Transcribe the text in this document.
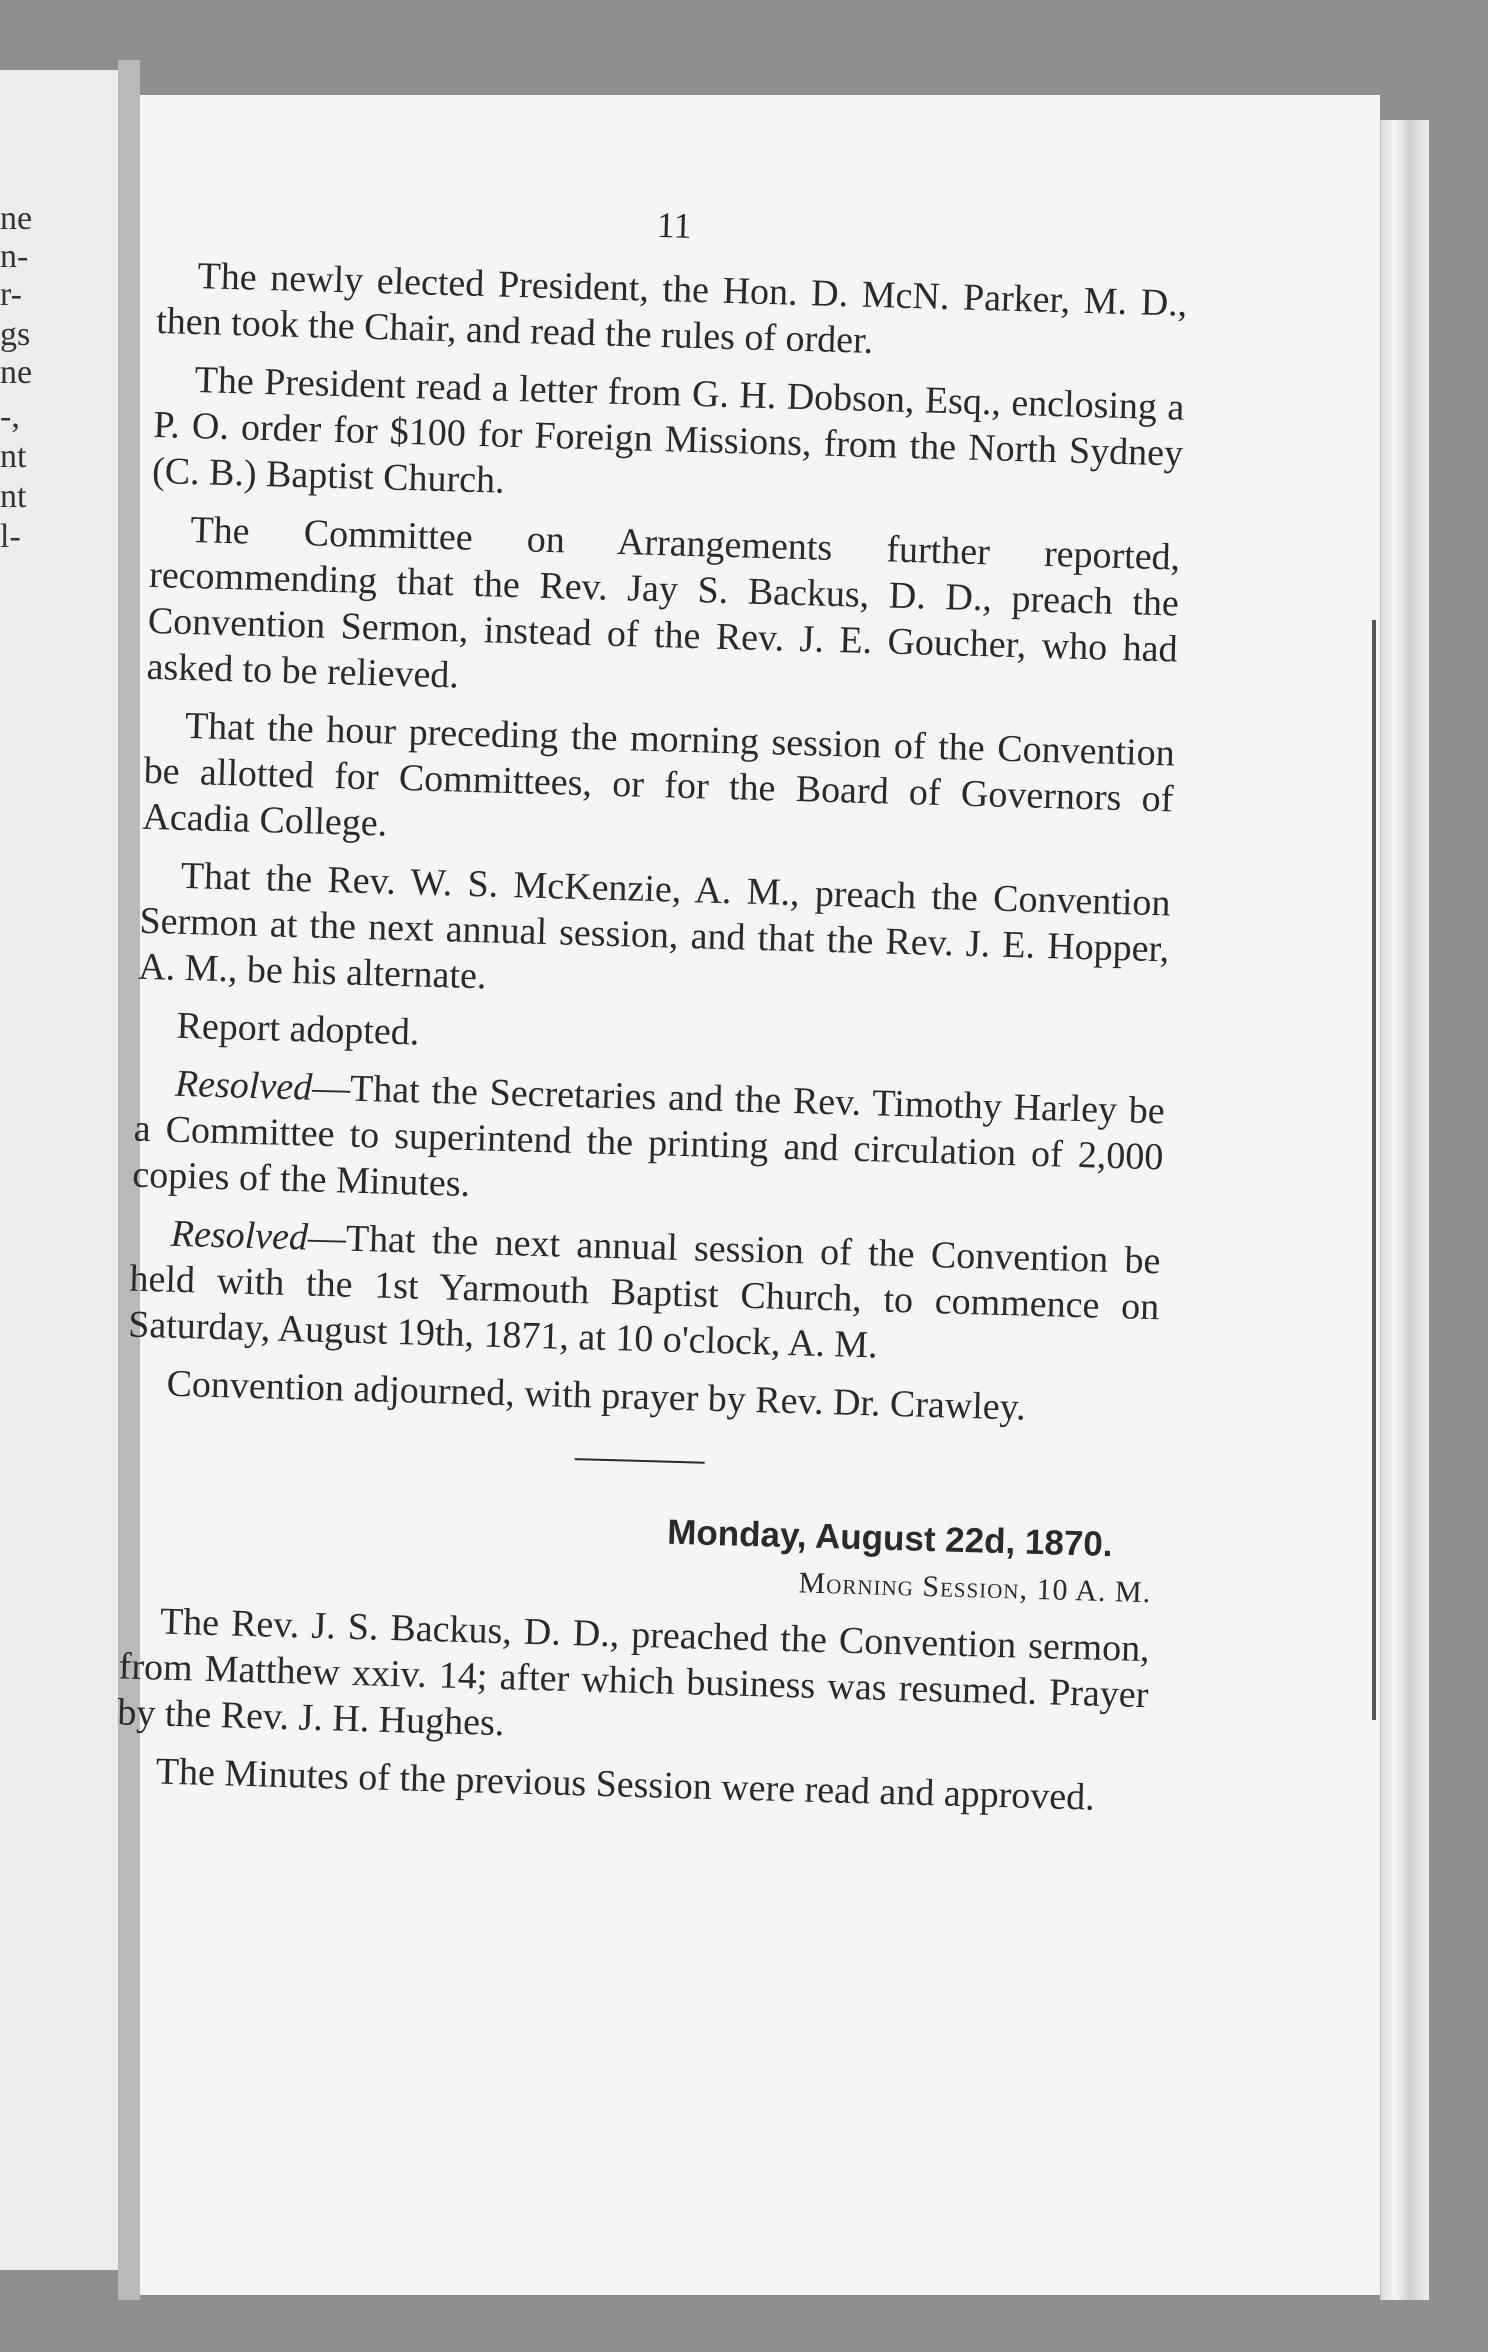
ne
n-
r-
gs
ne
-,
nt
nt
l-
11

The newly elected President, the Hon. D. McN. Parker, M. D., then took the Chair, and read the rules of order.

The President read a letter from G. H. Dobson, Esq., enclosing a P. O. order for $100 for Foreign Missions, from the North Sydney (C. B.) Baptist Church.

The Committee on Arrangements further reported, recommending that the Rev. Jay S. Backus, D. D., preach the Convention Sermon, instead of the Rev. J. E. Goucher, who had asked to be relieved.

That the hour preceding the morning session of the Convention be allotted for Committees, or for the Board of Governors of Acadia College.

That the Rev. W. S. McKenzie, A. M., preach the Convention Sermon at the next annual session, and that the Rev. J. E. Hopper, A. M., be his alternate.

Report adopted.

Resolved—That the Secretaries and the Rev. Timothy Harley be a Committee to superintend the printing and circulation of 2,000 copies of the Minutes.

Resolved—That the next annual session of the Convention be held with the 1st Yarmouth Baptist Church, to commence on Saturday, August 19th, 1871, at 10 o'clock, A. M.

Convention adjourned, with prayer by Rev. Dr. Crawley.

Monday, August 22d, 1870.
Morning Session, 10 A. M.

The Rev. J. S. Backus, D. D., preached the Convention sermon, from Matthew xxiv. 14; after which business was resumed. Prayer by the Rev. J. H. Hughes.

The Minutes of the previous Session were read and approved.
